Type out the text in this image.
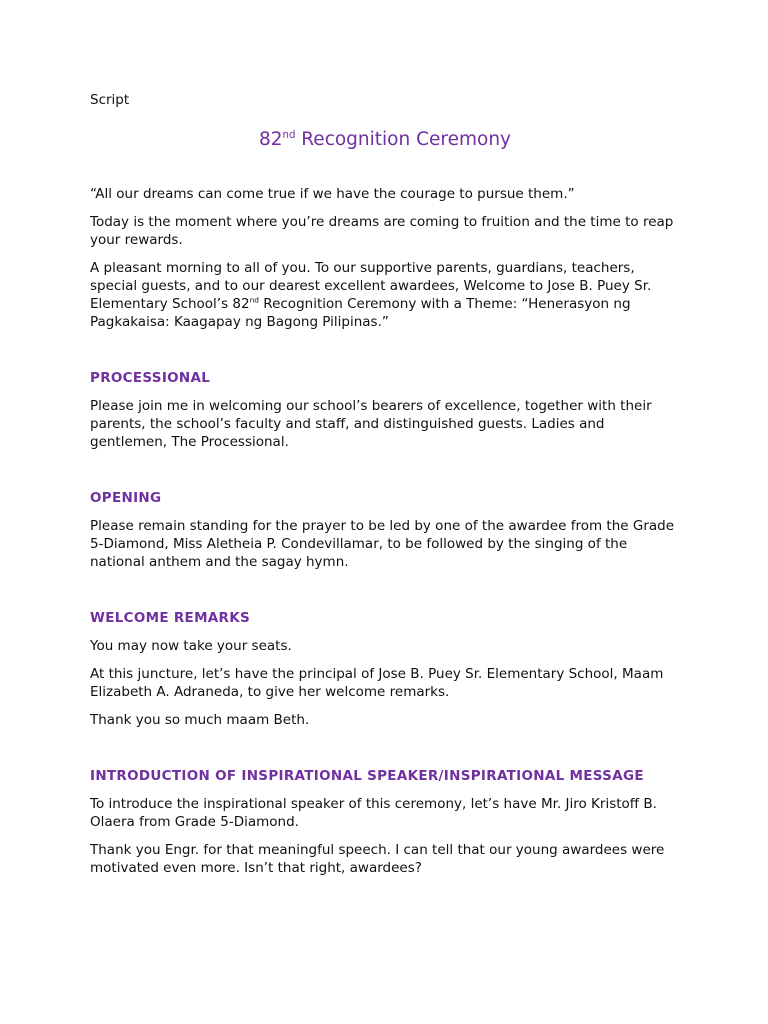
Script
82nd Recognition Ceremony

“All our dreams can come true if we have the courage to pursue them.”

Today is the moment where you’re dreams are coming to fruition and the time to reap your rewards.

A pleasant morning to all of you. To our supportive parents, guardians, teachers, special guests, and to our dearest excellent awardees, Welcome to Jose B. Puey Sr. Elementary School’s 82nd Recognition Ceremony with a Theme: “Henerasyon ng Pagkakaisa: Kaagapay ng Bagong Pilipinas.”

PROCESSIONAL

Please join me in welcoming our school’s bearers of excellence, together with their parents, the school’s faculty and staff, and distinguished guests. Ladies and gentlemen, The Processional.

OPENING

Please remain standing for the prayer to be led by one of the awardee from the Grade 5-Diamond, Miss Aletheia P. Condevillamar, to be followed by the singing of the national anthem and the sagay hymn.

WELCOME REMARKS

You may now take your seats.

At this juncture, let’s have the principal of Jose B. Puey Sr. Elementary School, Maam Elizabeth A. Adraneda, to give her welcome remarks.

Thank you so much maam Beth.

INTRODUCTION OF INSPIRATIONAL SPEAKER/INSPIRATIONAL MESSAGE

To introduce the inspirational speaker of this ceremony, let’s have Mr. Jiro Kristoff B. Olaera from Grade 5-Diamond.

Thank you Engr. for that meaningful speech. I can tell that our young awardees were motivated even more. Isn’t that right, awardees?
